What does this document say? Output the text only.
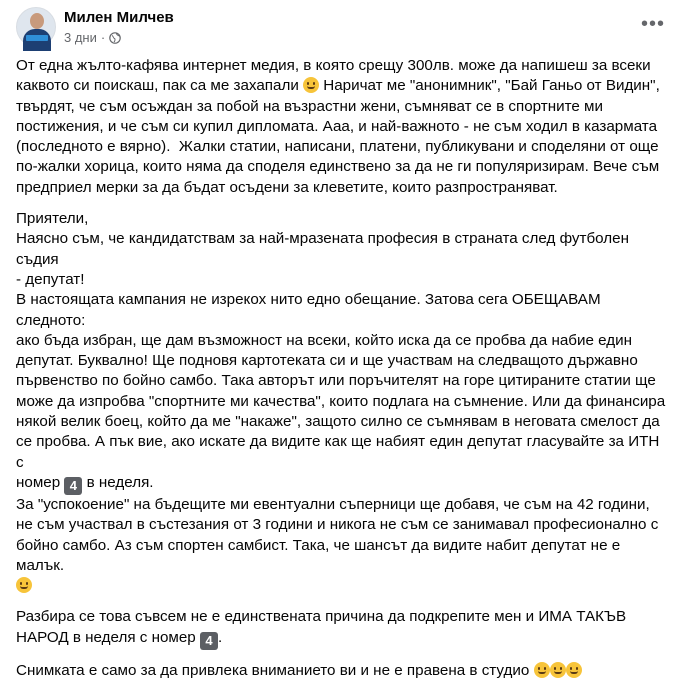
Милен Милчев
3 дни ·
•••
От една жълто-кафява интернет медия, в която срещу 300лв. може да напишеш за всеки
каквото си поискаш, пак са ме захапали
Наричат ме "анонимник", "Бай Ганьо от Видин",
твърдят, че съм осъждан за побой на възрастни жени, съмняват се в спортните ми
постижения, и че съм си купил дипломата. Ааа, и най-важното - не съм ходил в казармата
(последното е вярно).  Жалки статии, написани, платени, публикувани и споделяни от още
по-жалки хорица, които няма да споделя единствено за да не ги популяризирам. Вече съм
предприел мерки за да бъдат осъдени за клеветите, които разпространяват.
Приятели,
Наясно съм, че кандидатствам за най-мразената професия в страната след футболен съдия
- депутат!
В настоящата кампания не изрекох нито едно обещание. Затова сега ОБЕЩАВАМ следното:
ако бъда избран, ще дам възможност на всеки, който иска да се пробва да набие един
депутат. Буквално! Ще подновя картотеката си и ще участвам на следващото държавно
първенство по бойно самбо. Така авторът или поръчителят на горе цитираните статии ще
може да изпробва "спортните ми качества", които подлага на съмнение. Или да финансира
някой велик боец, който да ме "накаже", защото силно се съмнявам в неговата смелост да
се пробва. А пък вие, ако искате да видите как ще набият един депутат гласувайте за ИТН с
номер 4 в неделя.
За "успокоение" на бъдещите ми евентуални съперници ще добавя, че съм на 42 години,
не съм участвал в състезания от 3 години и никога не съм се занимавал професионално с
бойно самбо. Аз съм спортен самбист. Така, че шансът да видите набит депутат не е малък.

Разбира се това съвсем не е единствената причина да подкрепите мен и ИМА ТАКЪВ
НАРОД в неделя с номер 4 .
Снимката е само за да привлека вниманието ви и не е правена в студио
